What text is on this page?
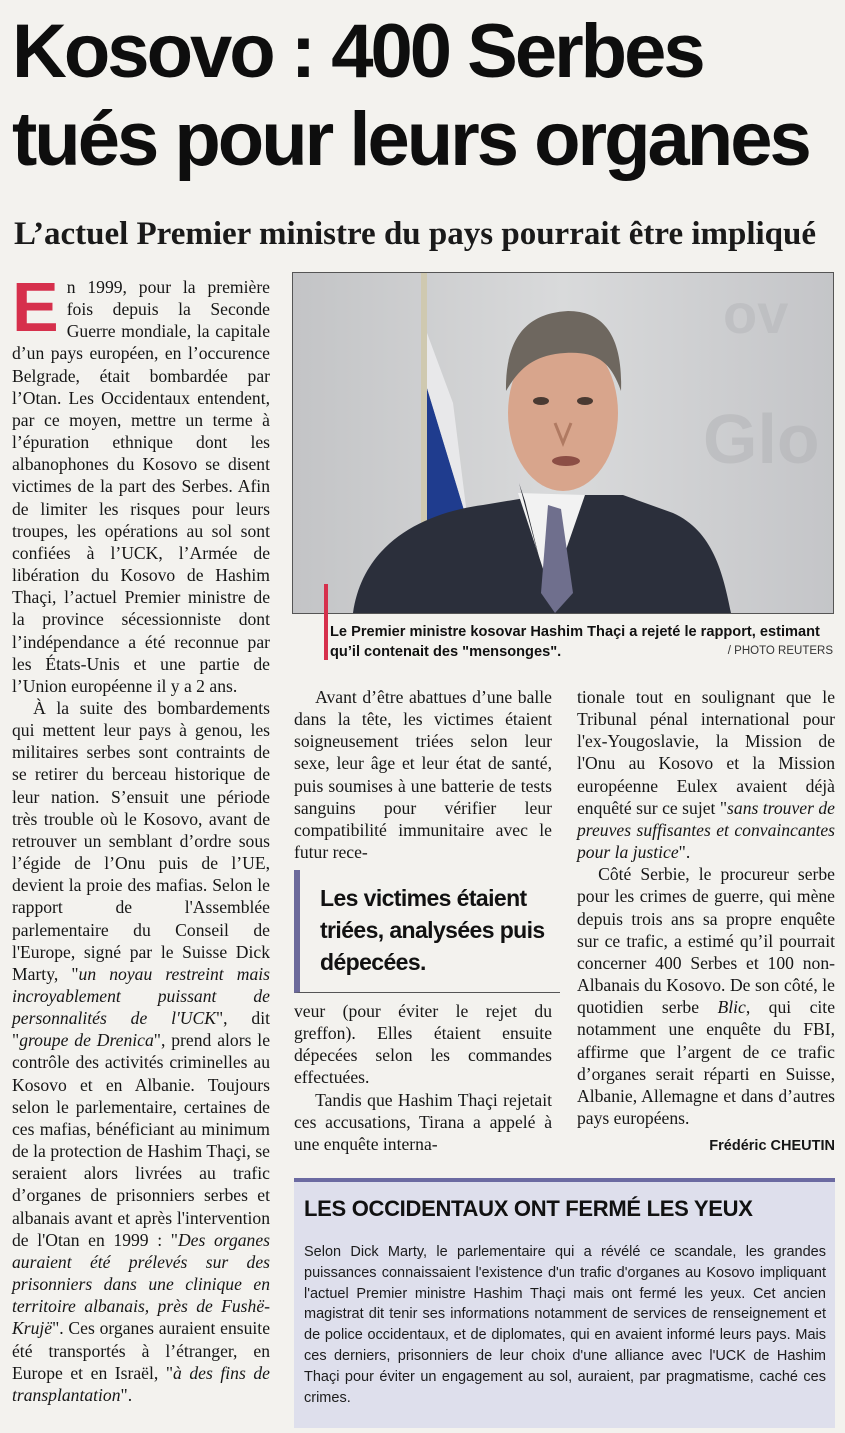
Kosovo : 400 Serbes tués pour leurs organes
L’actuel Premier ministre du pays pourrait être impliqué

En 1999, pour la première fois depuis la Seconde Guerre mondiale, la capitale d’un pays européen, en l’occurence Belgrade, était bombardée par l’Otan. Les Occidentaux entendent, par ce moyen, mettre un terme à l’épuration ethnique dont les albanophones du Kosovo se disent victimes de la part des Serbes. Afin de limiter les risques pour leurs troupes, les opérations au sol sont confiées à l’UCK, l’Armée de libération du Kosovo de Hashim Thaçi, l’actuel Premier ministre de la province sécessionniste dont l’indépendance a été reconnue par les États-Unis et une partie de l’Union européenne il y a 2 ans.

À la suite des bombardements qui mettent leur pays à genou, les militaires serbes sont contraints de se retirer du berceau historique de leur nation. S’ensuit une période très trouble où le Kosovo, avant de retrouver un semblant d’ordre sous l’égide de l’Onu puis de l’UE, devient la proie des mafias. Selon le rapport de l'Assemblée parlementaire du Conseil de l'Europe, signé par le Suisse Dick Marty, "un noyau restreint mais incroyablement puissant de personnalités de l'UCK", dit "groupe de Drenica", prend alors le contrôle des activités criminelles au Kosovo et en Albanie. Toujours selon le parlementaire, certaines de ces mafias, bénéficiant au minimum de la protection de Hashim Thaçi, se seraient alors livrées au trafic d’organes de prisonniers serbes et albanais avant et après l'intervention de l'Otan en 1999 : "Des organes auraient été prélevés sur des prisonniers dans une clinique en territoire albanais, près de Fushë-Krujë". Ces organes auraient ensuite été transportés à l’étranger, en Europe et en Israël, "à des fins de transplantation".

ov
Glo
Le Premier ministre kosovar Hashim Thaçi a rejeté le rapport, estimant qu’il contenait des "mensonges".	/ PHOTO REUTERS

Avant d’être abattues d’une balle dans la tête, les victimes étaient soigneusement triées selon leur sexe, leur âge et leur état de santé, puis soumises à une batterie de tests sanguins pour vérifier leur compatibilité immunitaire avec le futur rece-

Les victimes étaient triées, analysées puis dépecées.

veur (pour éviter le rejet du greffon). Elles étaient ensuite dépecées selon les commandes effectuées.

Tandis que Hashim Thaçi rejetait ces accusations, Tirana a appelé à une enquête interna-

tionale tout en soulignant que le Tribunal pénal international pour l'ex-Yougoslavie, la Mission de l'Onu au Kosovo et la Mission européenne Eulex avaient déjà enquêté sur ce sujet "sans trouver de preuves suffisantes et convaincantes pour la justice".

Côté Serbie, le procureur serbe pour les crimes de guerre, qui mène depuis trois ans sa propre enquête sur ce trafic, a estimé qu’il pourrait concerner 400 Serbes et 100 non-Albanais du Kosovo. De son côté, le quotidien serbe Blic, qui cite notamment une enquête du FBI, affirme que l’argent de ce trafic d’organes serait réparti en Suisse, Albanie, Allemagne et dans d’autres pays européens.

Frédéric CHEUTIN
LES OCCIDENTAUX ONT FERMÉ LES YEUX

Selon Dick Marty, le parlementaire qui a révélé ce scandale, les grandes puissances connaissaient l'existence d'un trafic d'organes au Kosovo impliquant l'actuel Premier ministre Hashim Thaçi mais ont fermé les yeux. Cet ancien magistrat dit tenir ses informations notamment de services de renseignement et de police occidentaux, et de diplomates, qui en avaient informé leurs pays. Mais ces derniers, prisonniers de leur choix d'une alliance avec l'UCK de Hashim Thaçi pour éviter un engagement au sol, auraient, par pragmatisme, caché ces crimes.
